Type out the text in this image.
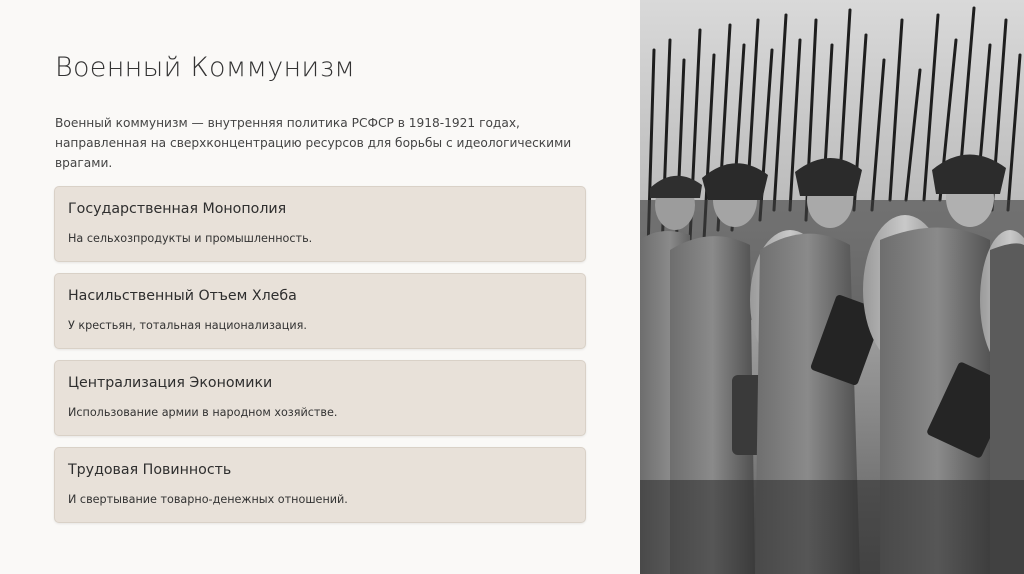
Военный Коммунизм
Военный коммунизм — внутренняя политика РСФСР в 1918-1921 годах, направленная на сверхконцентрацию ресурсов для борьбы с идеологическими врагами.
Государственная Монополия
На сельхозпродукты и промышленность.
Насильственный Отъем Хлеба
У крестьян, тотальная национализация.
Централизация Экономики
Использование армии в народном хозяйстве.
Трудовая Повинность
И свертывание товарно-денежных отношений.
